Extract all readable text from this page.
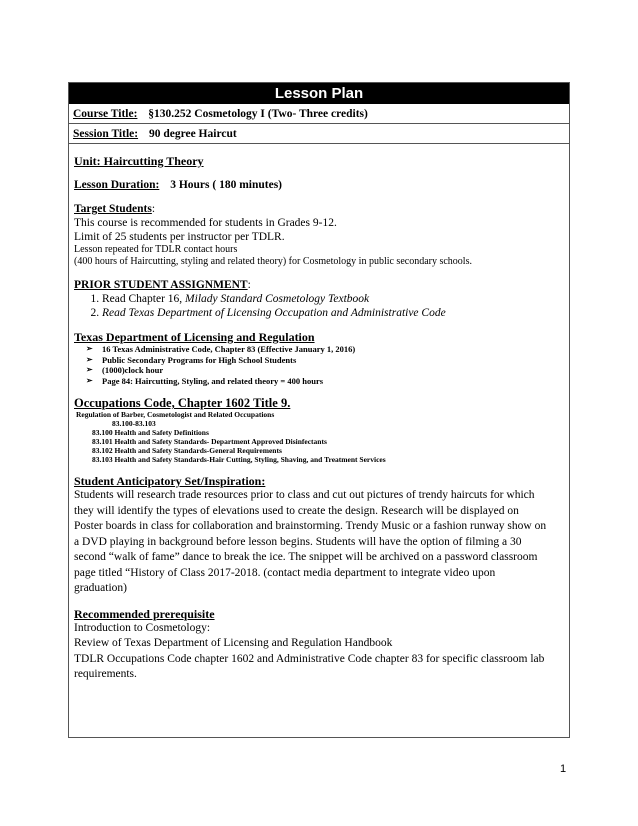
Lesson Plan
Course Title: §130.252 Cosmetology I (Two- Three credits)
Session Title: 90 degree Haircut
Unit: Haircutting Theory
Lesson Duration: 3 Hours ( 180 minutes)
Target Students:
This course is recommended for students in Grades 9-12.
Limit of 25 students per instructor per TDLR.
Lesson repeated for TDLR contact hours
(400 hours of Haircutting, styling and related theory) for Cosmetology in public secondary schools.
PRIOR STUDENT ASSIGNMENT:
1. Read Chapter 16, Milady Standard Cosmetology Textbook
2. Read Texas Department of Licensing Occupation and Administrative Code
Texas Department of Licensing and Regulation
➢ 16 Texas Administrative Code, Chapter 83 (Effective January 1, 2016)
➢ Public Secondary Programs for High School Students
➢ (1000)clock hour
➢ Page 84: Haircutting, Styling, and related theory = 400 hours
Occupations Code, Chapter 1602 Title 9.
Regulation of Barber, Cosmetologist and Related Occupations
83.100-83.103
83.100 Health and Safety Definitions
83.101 Health and Safety Standards- Department Approved Disinfectants
83.102 Health and Safety Standards-General Requirements
83.103 Health and Safety Standards-Hair Cutting, Styling, Shaving, and Treatment Services
Student Anticipatory Set/Inspiration:
Students will research trade resources prior to class and cut out pictures of trendy haircuts for which
they will identify the types of elevations used to create the design. Research will be displayed on
Poster boards in class for collaboration and brainstorming. Trendy Music or a fashion runway show on
a DVD playing in background before lesson begins. Students will have the option of filming a 30
second “walk of fame” dance to break the ice. The snippet will be archived on a password classroom
page titled “History of Class 2017-2018. (contact media department to integrate video upon
graduation)
Recommended prerequisite
Introduction to Cosmetology:
Review of Texas Department of Licensing and Regulation Handbook
TDLR Occupations Code chapter 1602 and Administrative Code chapter 83 for specific classroom lab
requirements.
1
